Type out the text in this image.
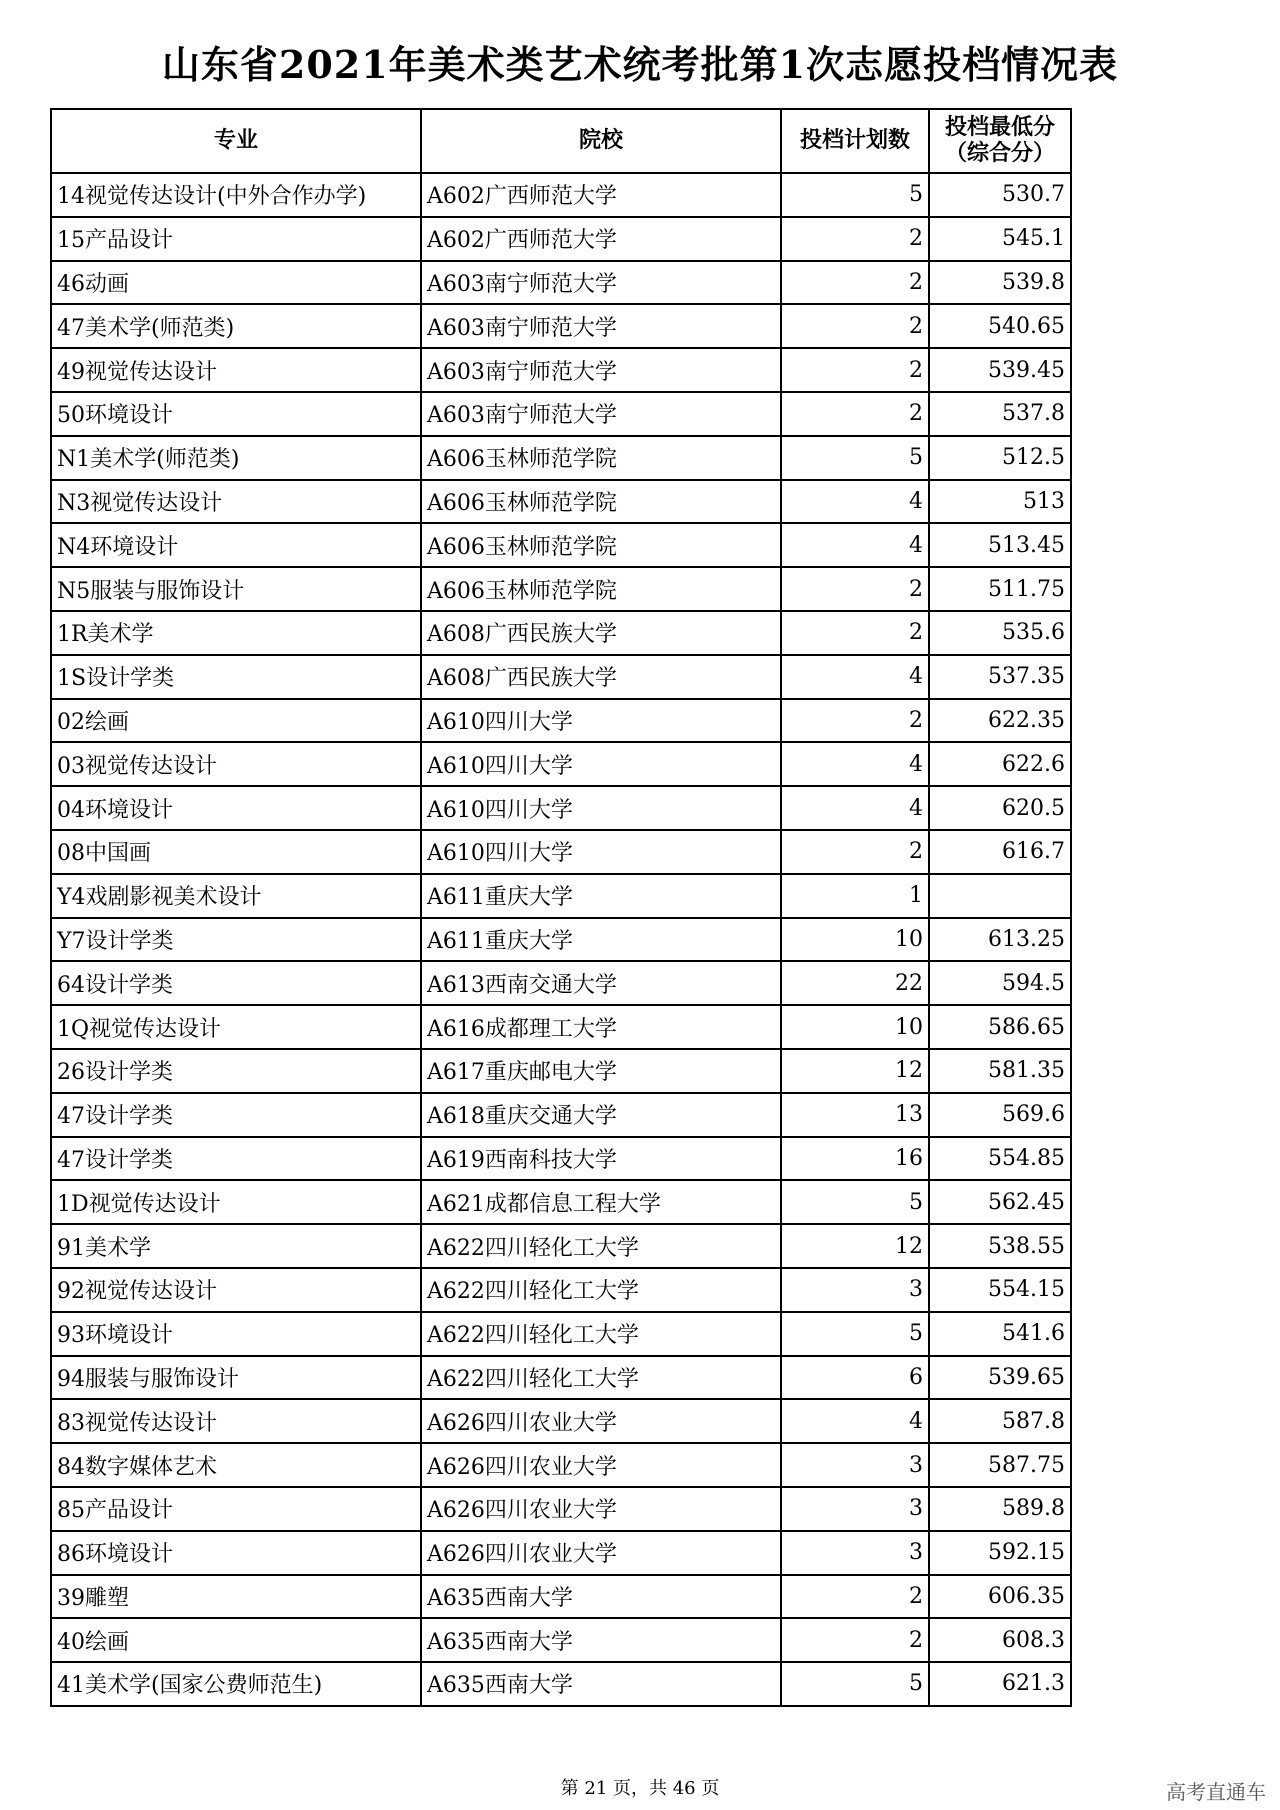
山东省2021年美术类艺术统考批第1次志愿投档情况表
专业	院校	投档计划数	投档最低分
（综合分）

14视觉传达设计(中外合作办学)	A602广西师范大学	5	530.7
15产品设计	A602广西师范大学	2	545.1
46动画	A603南宁师范大学	2	539.8
47美术学(师范类)	A603南宁师范大学	2	540.65
49视觉传达设计	A603南宁师范大学	2	539.45
50环境设计	A603南宁师范大学	2	537.8
N1美术学(师范类)	A606玉林师范学院	5	512.5
N3视觉传达设计	A606玉林师范学院	4	513
N4环境设计	A606玉林师范学院	4	513.45
N5服装与服饰设计	A606玉林师范学院	2	511.75
1R美术学	A608广西民族大学	2	535.6
1S设计学类	A608广西民族大学	4	537.35
02绘画	A610四川大学	2	622.35
03视觉传达设计	A610四川大学	4	622.6
04环境设计	A610四川大学	4	620.5
08中国画	A610四川大学	2	616.7
Y4戏剧影视美术设计	A611重庆大学	1	
Y7设计学类	A611重庆大学	10	613.25
64设计学类	A613西南交通大学	22	594.5
1Q视觉传达设计	A616成都理工大学	10	586.65
26设计学类	A617重庆邮电大学	12	581.35
47设计学类	A618重庆交通大学	13	569.6
47设计学类	A619西南科技大学	16	554.85
1D视觉传达设计	A621成都信息工程大学	5	562.45
91美术学	A622四川轻化工大学	12	538.55
92视觉传达设计	A622四川轻化工大学	3	554.15
93环境设计	A622四川轻化工大学	5	541.6
94服装与服饰设计	A622四川轻化工大学	6	539.65
83视觉传达设计	A626四川农业大学	4	587.8
84数字媒体艺术	A626四川农业大学	3	587.75
85产品设计	A626四川农业大学	3	589.8
86环境设计	A626四川农业大学	3	592.15
39雕塑	A635西南大学	2	606.35
40绘画	A635西南大学	2	608.3
41美术学(国家公费师范生)	A635西南大学	5	621.3
第 21 页，共 46 页	高考直通车
